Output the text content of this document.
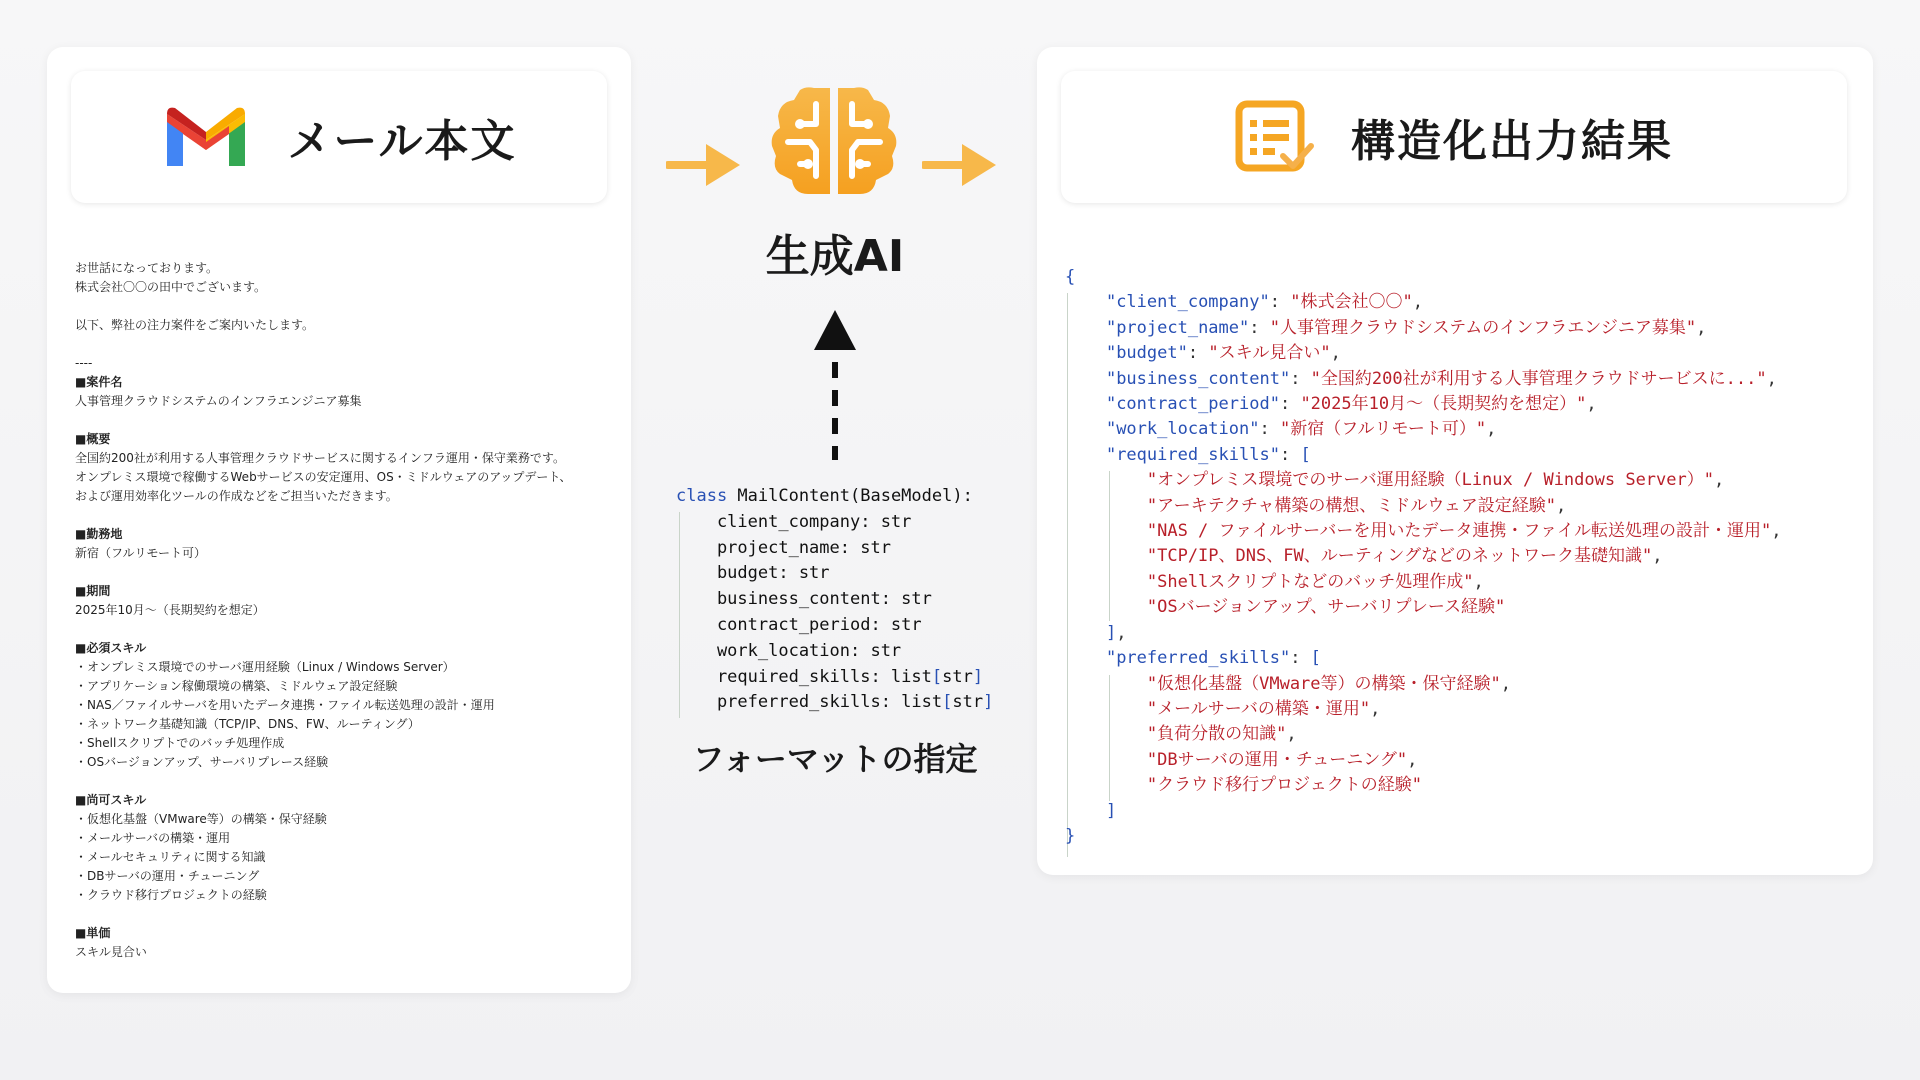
メール本文
お世話になっております。
株式会社〇〇の田中でございます。
以下、弊社の注力案件をご案内いたします。
----
■案件名
人事管理クラウドシステムのインフラエンジニア募集
■概要
全国約200社が利用する人事管理クラウドサービスに関するインフラ運用・保守業務です。
オンプレミス環境で稼働するWebサービスの安定運用、OS・ミドルウェアのアップデート、
および運用効率化ツールの作成などをご担当いただきます。
■勤務地
新宿（フルリモート可）
■期間
2025年10月〜（長期契約を想定）
■必須スキル
・オンプレミス環境でのサーバ運用経験（Linux / Windows Server）
・アプリケーション稼働環境の構築、ミドルウェア設定経験
・NAS／ファイルサーバを用いたデータ連携・ファイル転送処理の設計・運用
・ネットワーク基礎知識（TCP/IP、DNS、FW、ルーティング）
・Shellスクリプトでのバッチ処理作成
・OSバージョンアップ、サーバリプレース経験
■尚可スキル
・仮想化基盤（VMware等）の構築・保守経験
・メールサーバの構築・運用
・メールセキュリティに関する知識
・DBサーバの運用・チューニング
・クラウド移行プロジェクトの経験
■単価
スキル見合い
生成AI
class MailContent(BaseModel):
client_company: str
project_name: str
budget: str
business_content: str
contract_period: str
work_location: str
required_skills: list[str]
preferred_skills: list[str]
フォーマットの指定
構造化出力結果
{
"client_company": "株式会社〇〇",
"project_name": "人事管理クラウドシステムのインフラエンジニア募集",
"budget": "スキル見合い",
"business_content": "全国約200社が利用する人事管理クラウドサービスに...",
"contract_period": "2025年10月～（長期契約を想定）",
"work_location": "新宿（フルリモート可）",
"required_skills": [
"オンプレミス環境でのサーバ運用経験（Linux / Windows Server）",
"アーキテクチャ構築の構想、ミドルウェア設定経験",
"NAS / ファイルサーバーを用いたデータ連携・ファイル転送処理の設計・運用",
"TCP/IP、DNS、FW、ルーティングなどのネットワーク基礎知識",
"Shellスクリプトなどのバッチ処理作成",
"OSバージョンアップ、サーバリプレース経験"
],
"preferred_skills": [
"仮想化基盤（VMware等）の構築・保守経験",
"メールサーバの構築・運用",
"負荷分散の知識",
"DBサーバの運用・チューニング",
"クラウド移行プロジェクトの経験"
]
}
